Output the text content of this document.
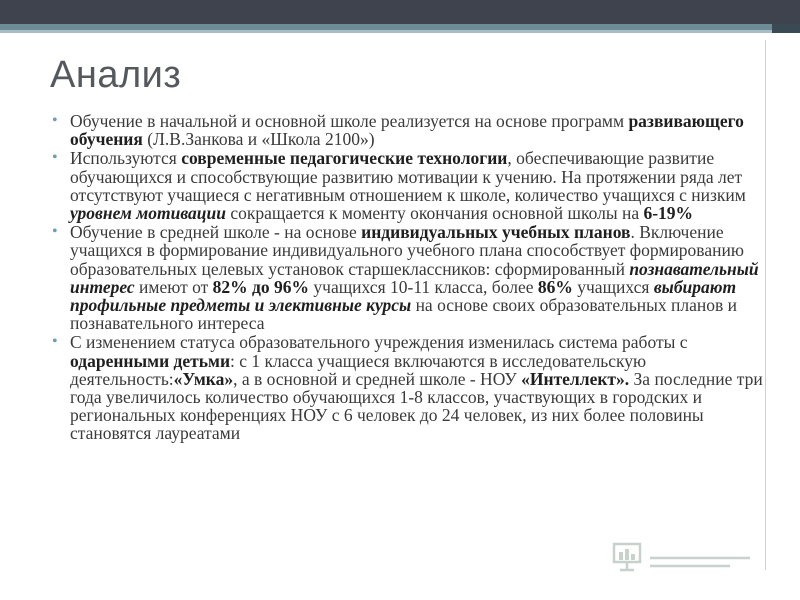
Анализ
• Обучение в начальной и основной школе реализуется на основе программ развивающего обучения (Л.В.Занкова и «Школа 2100»)
• Используются современные педагогические технологии, обеспечивающие развитие обучающихся и способствующие развитию мотивации к учению. На протяжении ряда лет отсутствуют учащиеся с негативным отношением к школе, количество учащихся с низким уровнем мотивации сокращается к моменту окончания основной школы на 6-19%
• Обучение в средней школе - на основе индивидуальных учебных планов. Включение учащихся в формирование индивидуального учебного плана способствует формированию образовательных целевых установок старшеклассников: сформированный познавательный интерес имеют от 82% до 96% учащихся 10-11 класса, более 86% учащихся выбирают профильные предметы и элективные курсы на основе своих образовательных планов и познавательного интереса
• С изменением статуса образовательного учреждения изменилась система работы с одаренными детьми: с 1 класса учащиеся включаются в исследовательскую деятельность:«Умка», а в основной и средней школе - НОУ «Интеллект». За последние три года увеличилось количество обучающихся 1-8 классов, участвующих в городских и региональных конференциях НОУ с 6 человек до 24 человек, из них более половины становятся лауреатами
